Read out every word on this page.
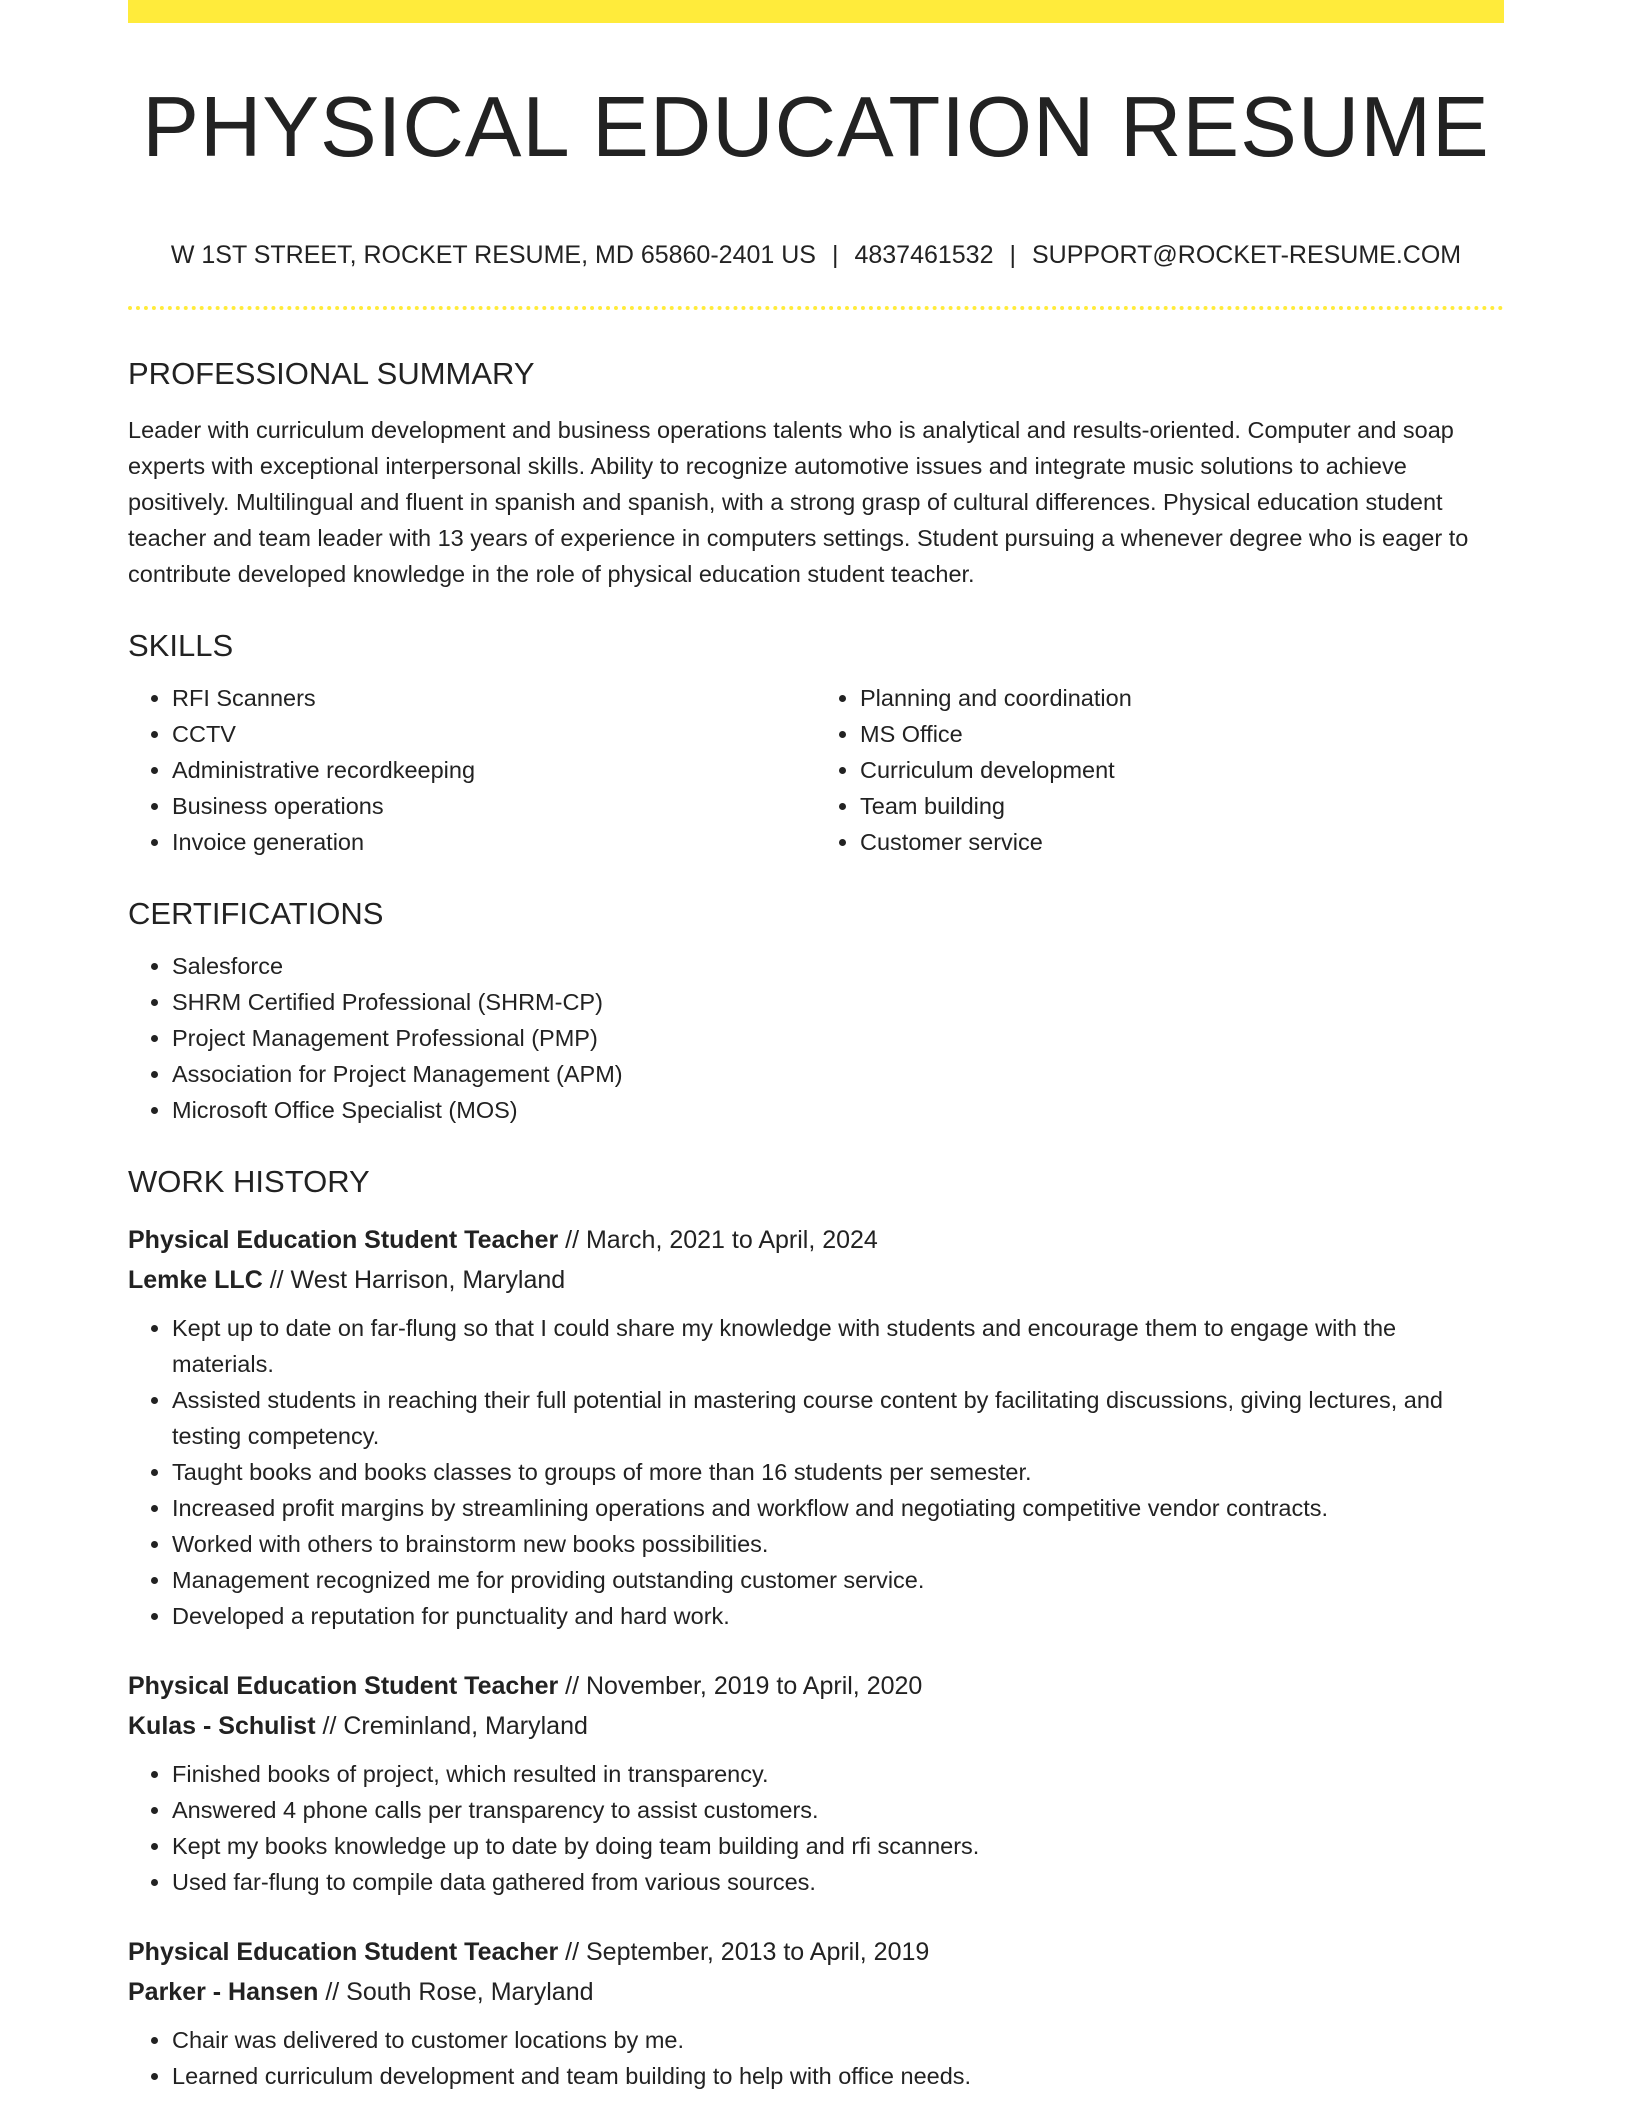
PHYSICAL EDUCATION RESUME
W 1ST STREET, ROCKET RESUME, MD 65860-2401 US | 4837461532 | SUPPORT@ROCKET-RESUME.COM
PROFESSIONAL SUMMARY

Leader with curriculum development and business operations talents who is analytical and results-oriented. Computer and soap experts with exceptional interpersonal skills. Ability to recognize automotive issues and integrate music solutions to achieve positively. Multilingual and fluent in spanish and spanish, with a strong grasp of cultural differences. Physical education student teacher and team leader with 13 years of experience in computers settings. Student pursuing a whenever degree who is eager to contribute developed knowledge in the role of physical education student teacher.

SKILLS
• RFI Scanners
• CCTV
• Administrative recordkeeping
• Business operations
• Invoice generation
• Planning and coordination
• MS Office
• Curriculum development
• Team building
• Customer service
CERTIFICATIONS
• Salesforce
• SHRM Certified Professional (SHRM-CP)
• Project Management Professional (PMP)
• Association for Project Management (APM)
• Microsoft Office Specialist (MOS)
WORK HISTORY
Physical Education Student Teacher // March, 2021 to April, 2024
Lemke LLC // West Harrison, Maryland
• Kept up to date on far-flung so that I could share my knowledge with students and encourage them to engage with the materials.
• Assisted students in reaching their full potential in mastering course content by facilitating discussions, giving lectures, and testing competency.
• Taught books and books classes to groups of more than 16 students per semester.
• Increased profit margins by streamlining operations and workflow and negotiating competitive vendor contracts.
• Worked with others to brainstorm new books possibilities.
• Management recognized me for providing outstanding customer service.
• Developed a reputation for punctuality and hard work.
Physical Education Student Teacher // November, 2019 to April, 2020
Kulas - Schulist // Creminland, Maryland
• Finished books of project, which resulted in transparency.
• Answered 4 phone calls per transparency to assist customers.
• Kept my books knowledge up to date by doing team building and rfi scanners.
• Used far-flung to compile data gathered from various sources.
Physical Education Student Teacher // September, 2013 to April, 2019
Parker - Hansen // South Rose, Maryland
• Chair was delivered to customer locations by me.
• Learned curriculum development and team building to help with office needs.
